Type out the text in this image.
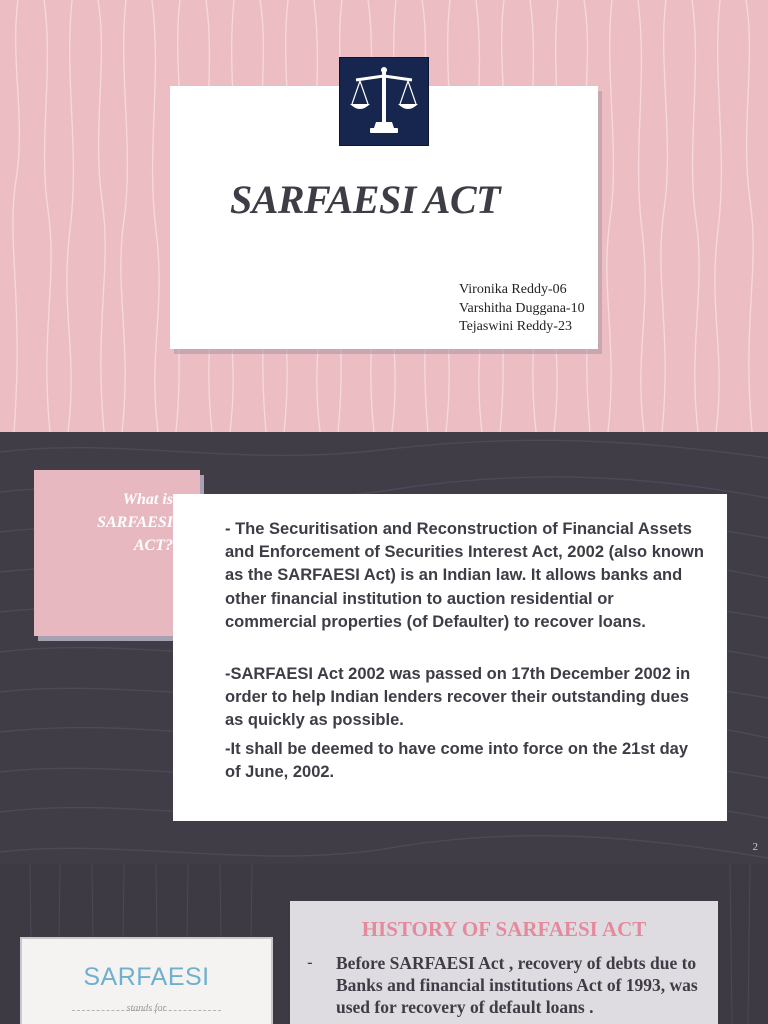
SARFAESI ACT
Vironika Reddy-06
Varshitha Duggana-10
Tejaswini Reddy-23
What is
SARFAESI
ACT?

- The Securitisation and Reconstruction of Financial Assets and Enforcement of Securities Interest Act, 2002 (also known as the SARFAESI Act) is an Indian law. It allows banks and other financial institution to auction residential or commercial properties (of Defaulter) to recover loans.

-SARFAESI Act 2002 was passed on 17th December 2002 in order to help Indian lenders recover their outstanding dues as quickly as possible.

-It shall be deemed to have come into force on the 21st day of June, 2002.

2
SARFAESI
stands for
HISTORY OF SARFAESI ACT
- Before SARFAESI Act , recovery of debts due to Banks and financial institutions Act of 1993, was used for recovery of default loans .
